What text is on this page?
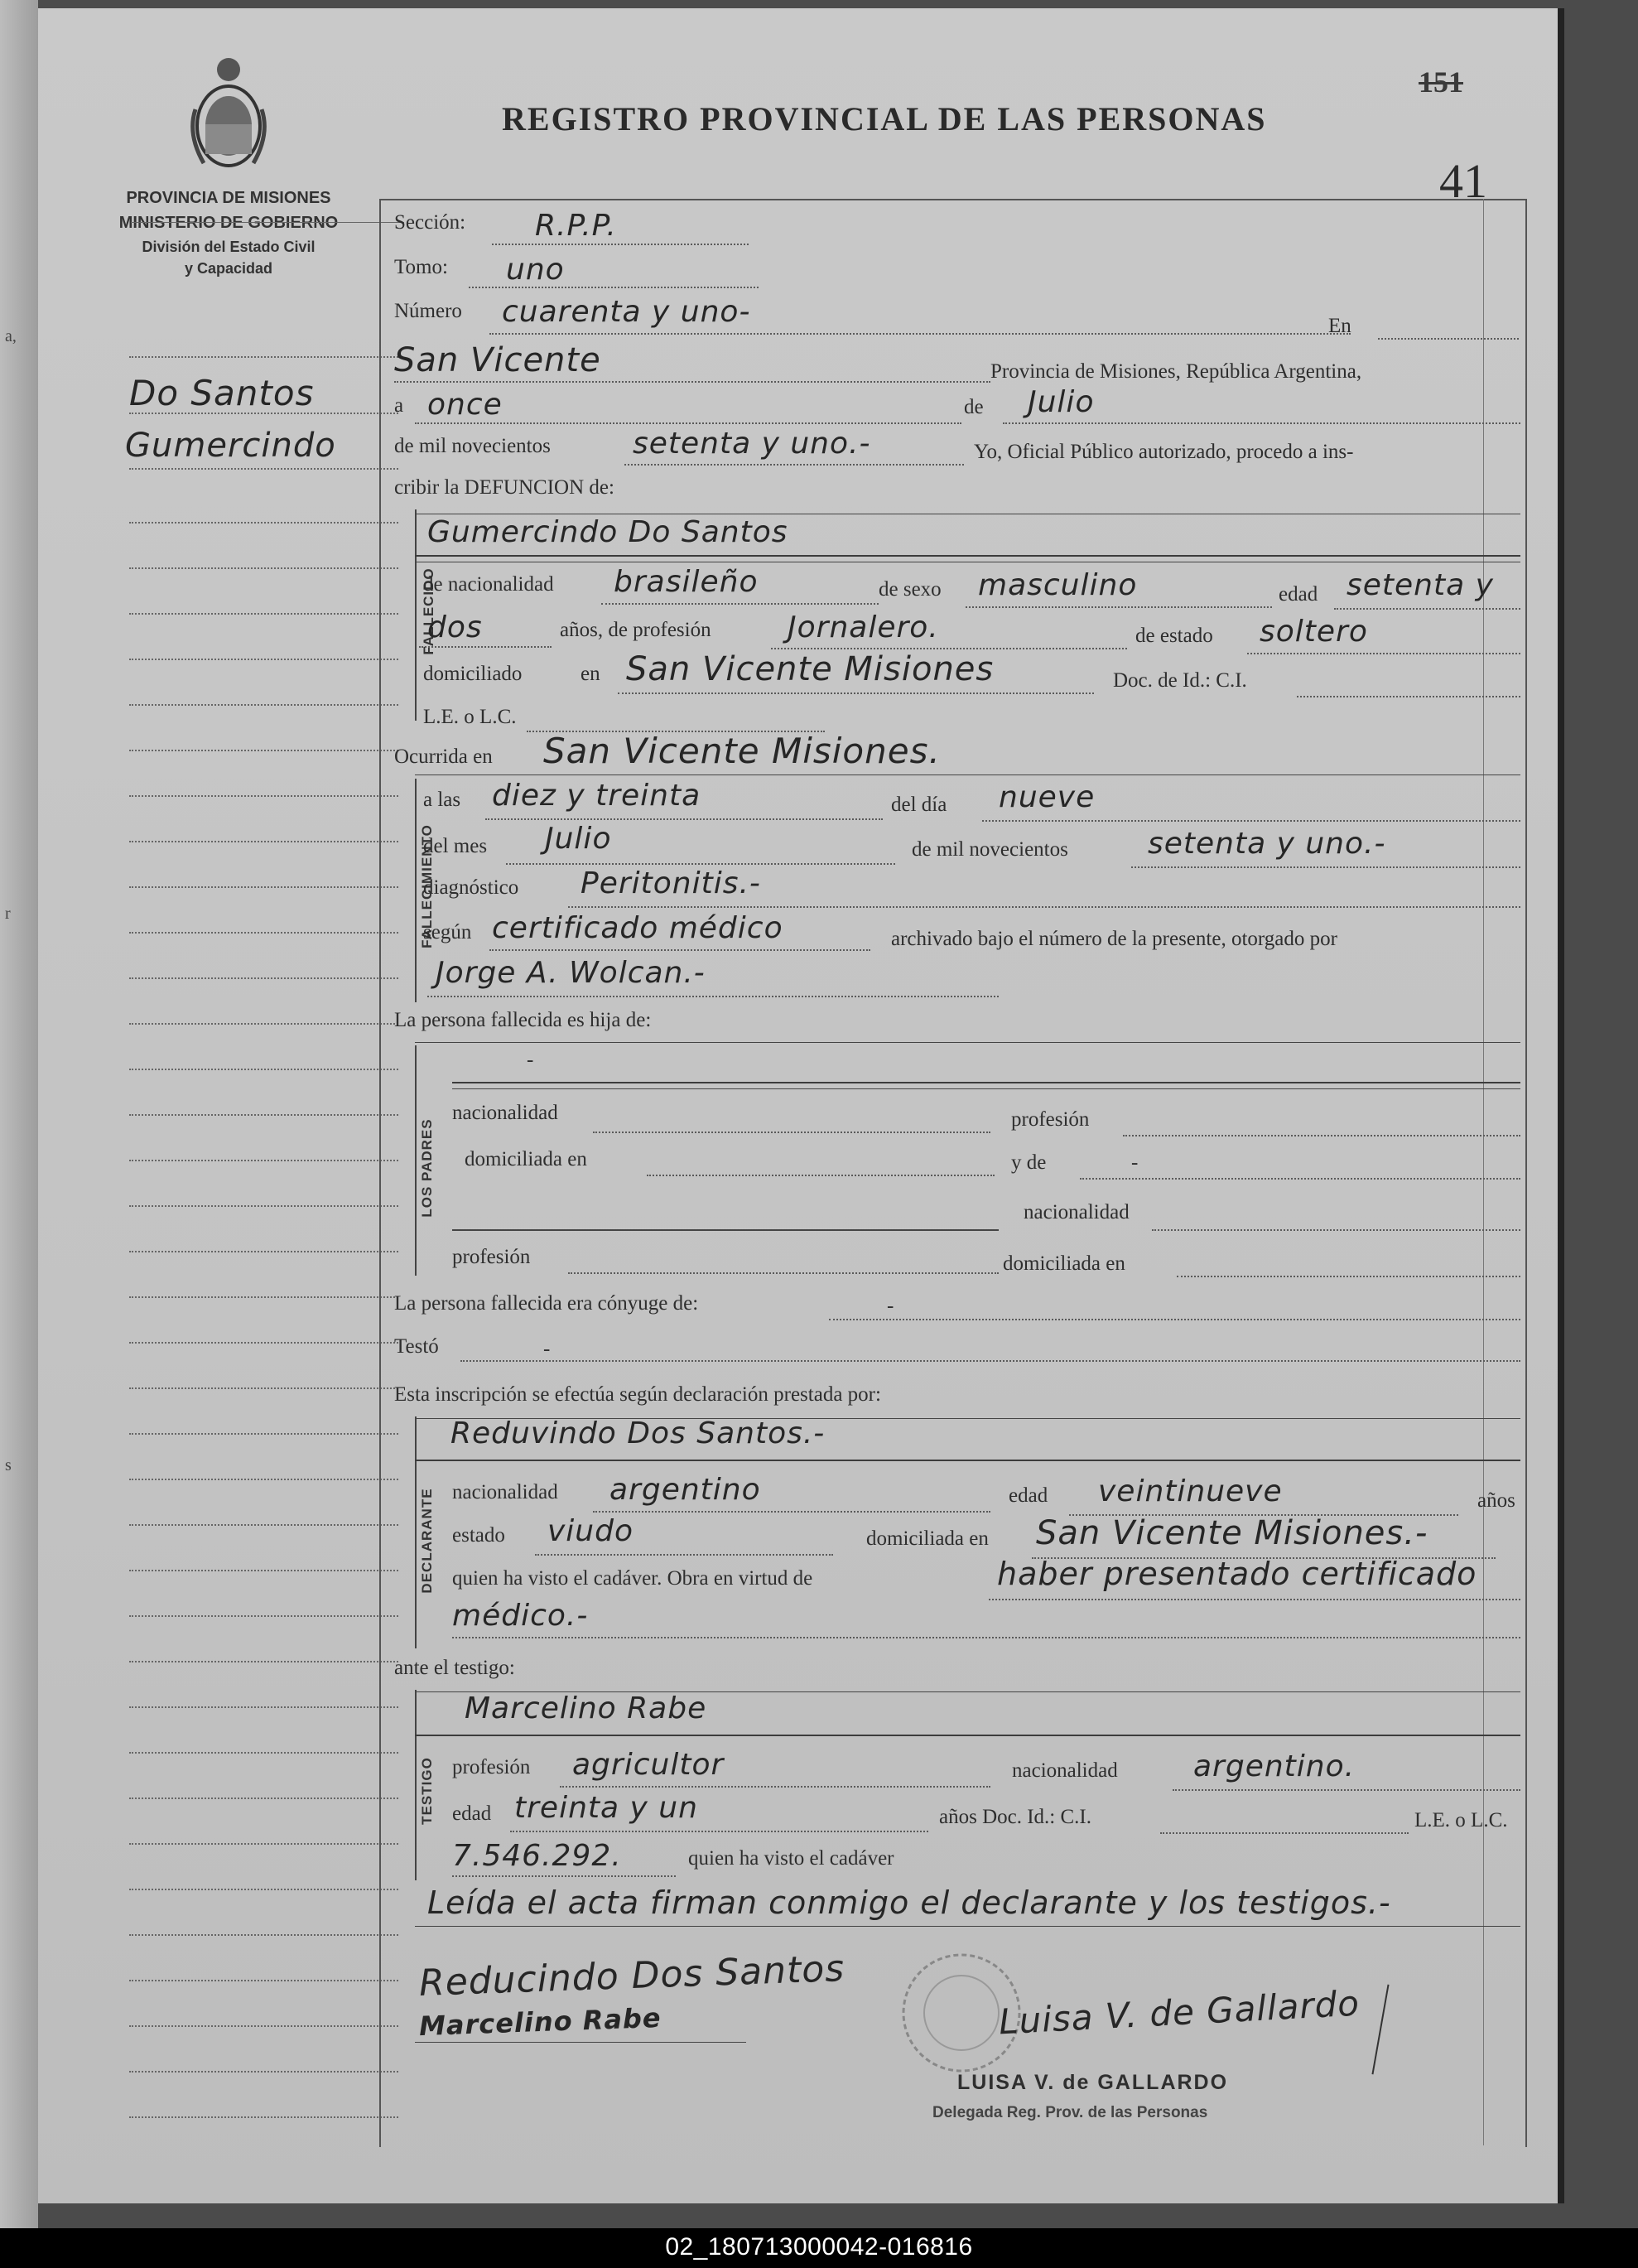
a,
r
s
PROVINCIA DE MISIONES
MINISTERIO DE GOBIERNO
División del Estado Civil
y Capacidad
REGISTRO PROVINCIAL DE LAS PERSONAS
151
41
Do Santos
Gumercindo
Sección: R.P.P.
Tomo: uno
Número cuarenta y uno-	En
San Vicente	Provincia de Misiones, República Argentina,
a once	de Julio
de mil novecientos	setenta y uno.-	Yo, Oficial Público autorizado, procedo a ins-
cribir la DEFUNCION de:
FALLECIDO
Gumercindo Do Santos
de nacionalidad brasileño	de sexo masculino	edad setenta y
dos	años, de profesión	Jornalero.	de estado soltero
domiciliado	en San Vicente Misiones	Doc. de Id.: C.I.
L.E. o L.C.
Ocurrida en San Vicente Misiones.
FALLECIMIENTO
a las diez y treinta	del día nueve
del mes Julio	de mil novecientos	setenta y uno.-
diagnóstico Peritonitis.-
según certificado médico	archivado bajo el número de la presente, otorgado por
Jorge A. Wolcan.-
La persona fallecida es hija de:
LOS PADRES
-
nacionalidad	profesión
domiciliada en	y de	-
nacionalidad
profesión	domiciliada en
La persona fallecida era cónyuge de:	-
Testó	-
Esta inscripción se efectúa según declaración prestada por:
DECLARANTE
Reduvindo Dos Santos.-
nacionalidad argentino	edad veintinueve	años
estado viudo	domiciliada en San Vicente Misiones.-
quien ha visto el cadáver. Obra en virtud de	haber presentado certificado
médico.-
ante el testigo:
TESTIGO
Marcelino Rabe
profesión agricultor	nacionalidad	argentino.
edad treinta y un	años Doc. Id.: C.I.	L.E. o L.C.
7.546.292.	quien ha visto el cadáver
Leída el acta firman conmigo el declarante y los testigos.-
Reducindo Dos Santos
Marcelino Rabe	Luisa V. de Gallardo
LUISA V. de GALLARDO
Delegada Reg. Prov. de las Personas
02_180713000042-016816
